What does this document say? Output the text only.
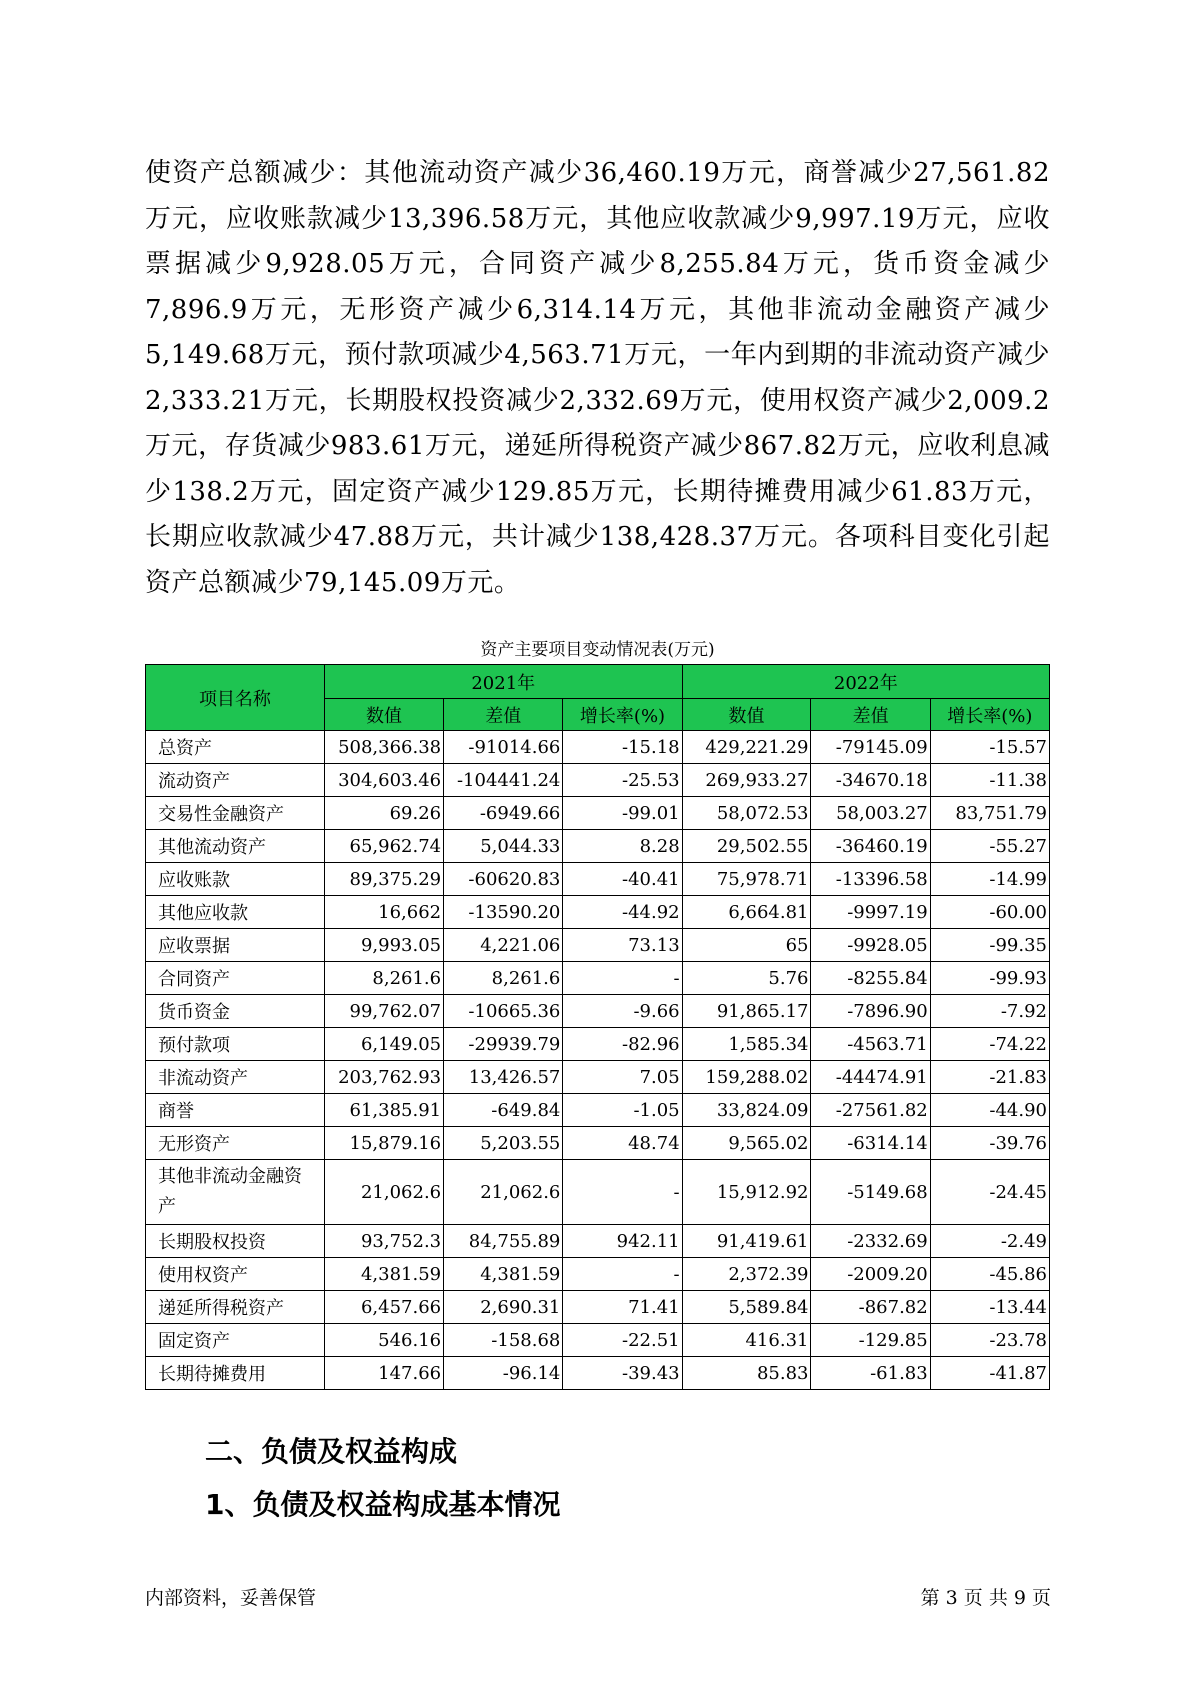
使资产总额减少：其他流动资产减少36,460.19万元，商誉减少27,561.82万元，应收账款减少13,396.58万元，其他应收款减少9,997.19万元，应收票据减少9,928.05万元，合同资产减少8,255.84万元，货币资金减少7,896.9万元，无形资产减少6,314.14万元，其他非流动金融资产减少5,149.68万元，预付款项减少4,563.71万元，一年内到期的非流动资产减少2,333.21万元，长期股权投资减少2,332.69万元，使用权资产减少2,009.2万元，存货减少983.61万元，递延所得税资产减少867.82万元，应收利息减少138.2万元，固定资产减少129.85万元，长期待摊费用减少61.83万元，长期应收款减少47.88万元，共计减少138,428.37万元。各项科目变化引起资产总额减少79,145.09万元。
资产主要项目变动情况表(万元)
项目名称	2021年			2022年		
	数值	差值	增长率(%)	数值	差值	增长率(%)
总资产	508,366.38	-91014.66	-15.18	429,221.29	-79145.09	-15.57
流动资产	304,603.46	-104441.24	-25.53	269,933.27	-34670.18	-11.38
交易性金融资产	69.26	-6949.66	-99.01	58,072.53	58,003.27	83,751.79
其他流动资产	65,962.74	5,044.33	8.28	29,502.55	-36460.19	-55.27
应收账款	89,375.29	-60620.83	-40.41	75,978.71	-13396.58	-14.99
其他应收款	16,662	-13590.20	-44.92	6,664.81	-9997.19	-60.00
应收票据	9,993.05	4,221.06	73.13	65	-9928.05	-99.35
合同资产	8,261.6	8,261.6	-	5.76	-8255.84	-99.93
货币资金	99,762.07	-10665.36	-9.66	91,865.17	-7896.90	-7.92
预付款项	6,149.05	-29939.79	-82.96	1,585.34	-4563.71	-74.22
非流动资产	203,762.93	13,426.57	7.05	159,288.02	-44474.91	-21.83
商誉	61,385.91	-649.84	-1.05	33,824.09	-27561.82	-44.90
无形资产	15,879.16	5,203.55	48.74	9,565.02	-6314.14	-39.76
其他非流动金融资产	21,062.6	21,062.6	-	15,912.92	-5149.68	-24.45
长期股权投资	93,752.3	84,755.89	942.11	91,419.61	-2332.69	-2.49
使用权资产	4,381.59	4,381.59	-	2,372.39	-2009.20	-45.86
递延所得税资产	6,457.66	2,690.31	71.41	5,589.84	-867.82	-13.44
固定资产	546.16	-158.68	-22.51	416.31	-129.85	-23.78
长期待摊费用	147.66	-96.14	-39.43	85.83	-61.83	-41.87
二、负债及权益构成
1、负债及权益构成基本情况
内部资料，妥善保管	第 3 页 共 9 页
